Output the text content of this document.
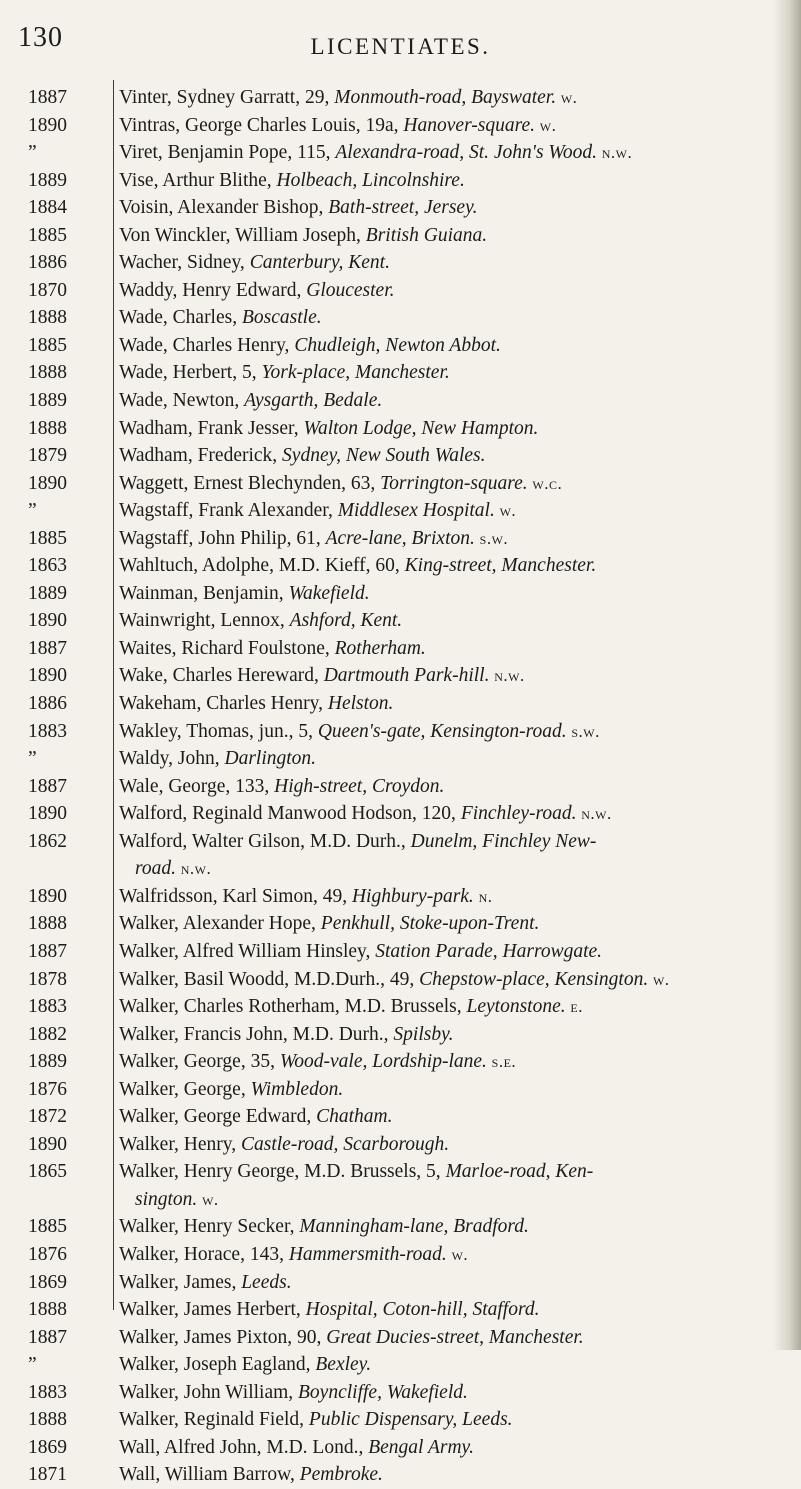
130	LICENTIATES.
1887	Vinter, Sydney Garratt, 29, Monmouth-road, Bayswater. w.
1890	Vintras, George Charles Louis, 19a, Hanover-square. w.
”	Viret, Benjamin Pope, 115, Alexandra-road, St. John's Wood. n.w.
1889	Vise, Arthur Blithe, Holbeach, Lincolnshire.
1884	Voisin, Alexander Bishop, Bath-street, Jersey.
1885	Von Winckler, William Joseph, British Guiana.
1886	Wacher, Sidney, Canterbury, Kent.
1870	Waddy, Henry Edward, Gloucester.
1888	Wade, Charles, Boscastle.
1885	Wade, Charles Henry, Chudleigh, Newton Abbot.
1888	Wade, Herbert, 5, York-place, Manchester.
1889	Wade, Newton, Aysgarth, Bedale.
1888	Wadham, Frank Jesser, Walton Lodge, New Hampton.
1879	Wadham, Frederick, Sydney, New South Wales.
1890	Waggett, Ernest Blechynden, 63, Torrington-square. w.c.
”	Wagstaff, Frank Alexander, Middlesex Hospital. w.
1885	Wagstaff, John Philip, 61, Acre-lane, Brixton. s.w.
1863	Wahltuch, Adolphe, M.D. Kieff, 60, King-street, Manchester.
1889	Wainman, Benjamin, Wakefield.
1890	Wainwright, Lennox, Ashford, Kent.
1887	Waites, Richard Foulstone, Rotherham.
1890	Wake, Charles Hereward, Dartmouth Park-hill. n.w.
1886	Wakeham, Charles Henry, Helston.
1883	Wakley, Thomas, jun., 5, Queen's-gate, Kensington-road. s.w.
”	Waldy, John, Darlington.
1887	Wale, George, 133, High-street, Croydon.
1890	Walford, Reginald Manwood Hodson, 120, Finchley-road. n.w.
1862	Walford, Walter Gilson, M.D. Durh., Dunelm, Finchley New-
road. n.w.
1890	Walfridsson, Karl Simon, 49, Highbury-park. n.
1888	Walker, Alexander Hope, Penkhull, Stoke-upon-Trent.
1887	Walker, Alfred William Hinsley, Station Parade, Harrowgate.
1878	Walker, Basil Woodd, M.D.Durh., 49, Chepstow-place, Kensington. w.
1883	Walker, Charles Rotherham, M.D. Brussels, Leytonstone. e.
1882	Walker, Francis John, M.D. Durh., Spilsby.
1889	Walker, George, 35, Wood-vale, Lordship-lane. s.e.
1876	Walker, George, Wimbledon.
1872	Walker, George Edward, Chatham.
1890	Walker, Henry, Castle-road, Scarborough.
1865	Walker, Henry George, M.D. Brussels, 5, Marloe-road, Ken-
sington. w.
1885	Walker, Henry Secker, Manningham-lane, Bradford.
1876	Walker, Horace, 143, Hammersmith-road. w.
1869	Walker, James, Leeds.
1888	Walker, James Herbert, Hospital, Coton-hill, Stafford.
1887	Walker, James Pixton, 90, Great Ducies-street, Manchester.
”	Walker, Joseph Eagland, Bexley.
1883	Walker, John William, Boyncliffe, Wakefield.
1888	Walker, Reginald Field, Public Dispensary, Leeds.
1869	Wall, Alfred John, M.D. Lond., Bengal Army.
1871	Wall, William Barrow, Pembroke.
